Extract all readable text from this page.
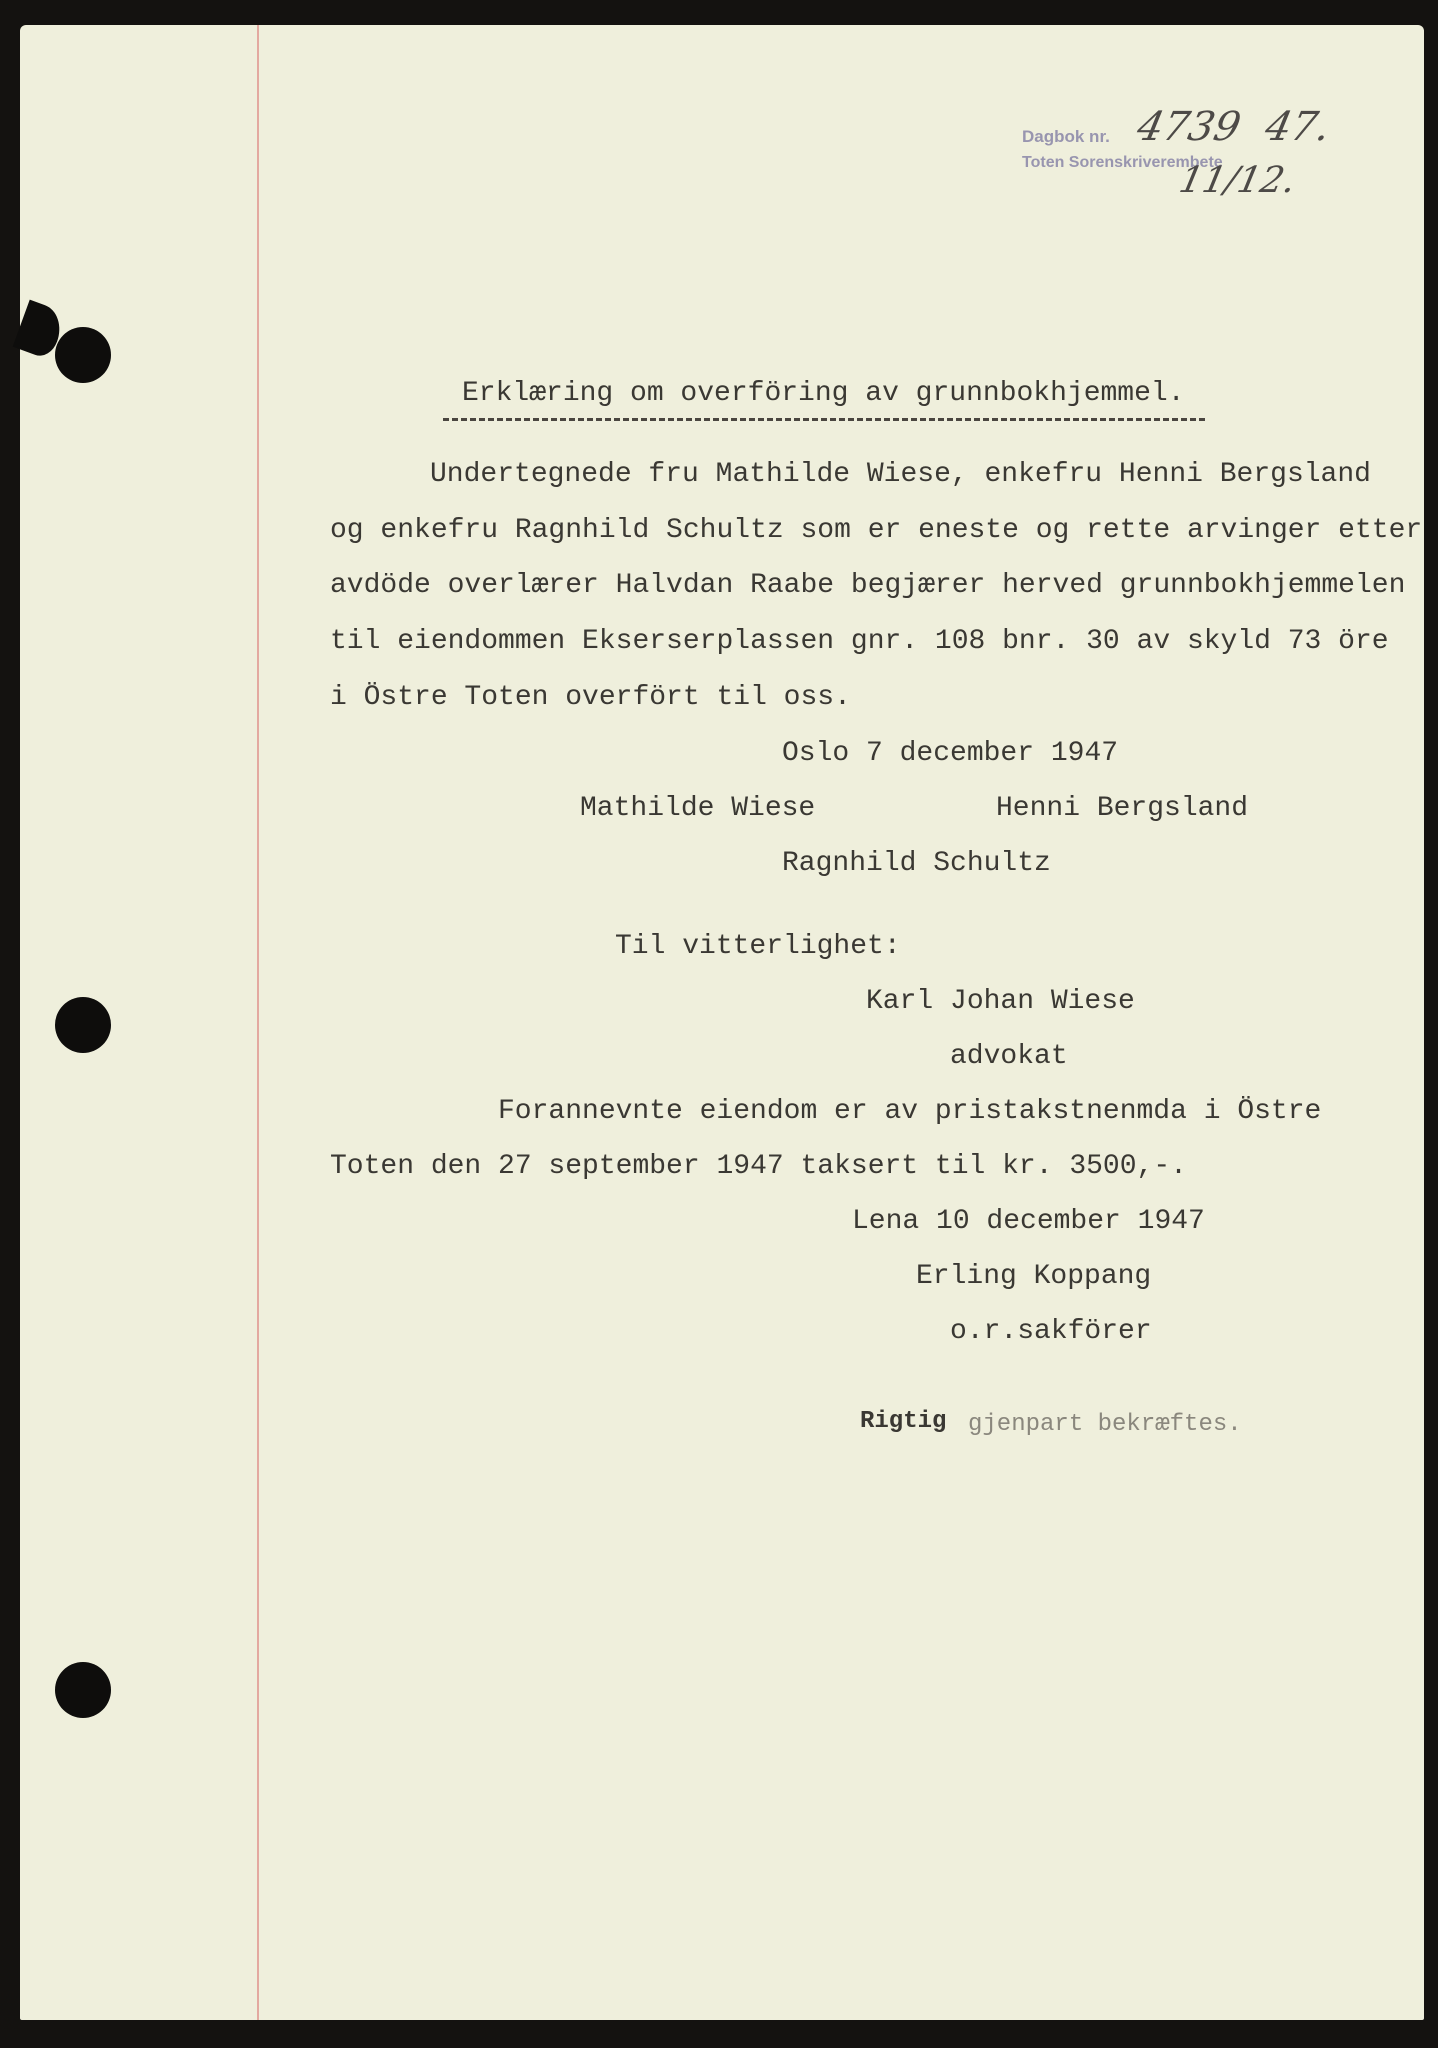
Dagbok nr.
Toten Sorenskriverembete
4739 47.
11/12.
Erklæring om overföring av grunnbokhjemmel.
Undertegnede fru Mathilde Wiese, enkefru Henni Bergsland
og enkefru Ragnhild Schultz som er eneste og rette arvinger etter
avdöde overlærer Halvdan Raabe begjærer herved grunnbokhjemmelen
til eiendommen Ekserserplassen gnr. 108 bnr. 30 av skyld 73 öre
i Östre Toten overfört til oss.
Oslo 7 december 1947
Mathilde Wiese	Henni Bergsland
Ragnhild Schultz
Til vitterlighet:
Karl Johan Wiese
advokat
Forannevnte eiendom er av pristakstnenmda i Östre
Toten den 27 september 1947 taksert til kr. 3500,-.
Lena 10 december 1947
Erling Koppang
o.r.sakförer
Rigtig gjenpart bekræftes.
